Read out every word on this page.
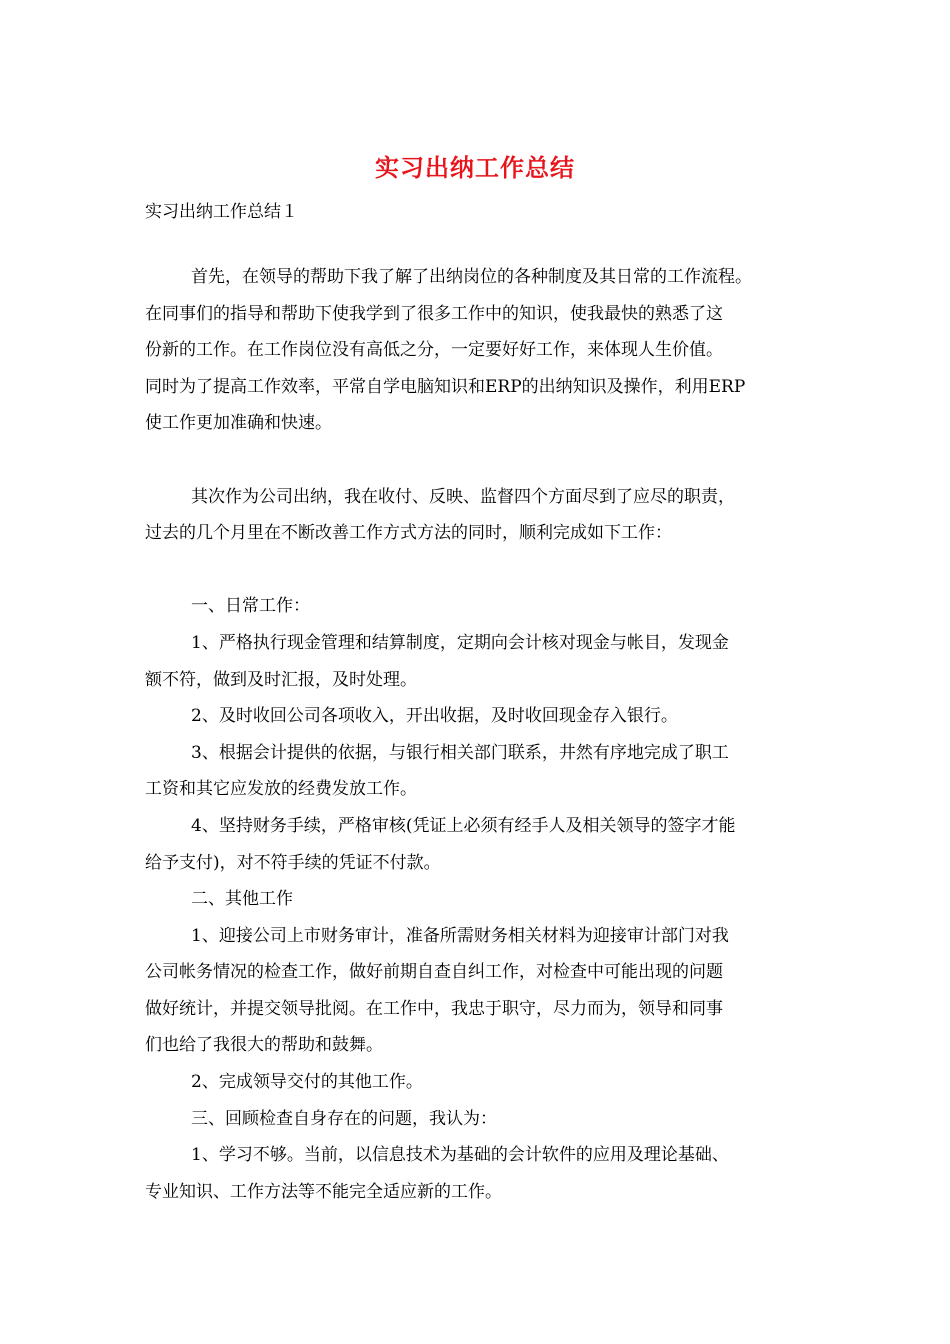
实习出纳工作总结
实习出纳工作总结１
首先，在领导的帮助下我了解了出纳岗位的各种制度及其日常的工作流程。
在同事们的指导和帮助下使我学到了很多工作中的知识，使我最快的熟悉了这
份新的工作。在工作岗位没有高低之分，一定要好好工作，来体现人生价值。
同时为了提高工作效率，平常自学电脑知识和ERP的出纳知识及操作，利用ERP
使工作更加准确和快速。
其次作为公司出纳，我在收付、反映、监督四个方面尽到了应尽的职责，
过去的几个月里在不断改善工作方式方法的同时，顺利完成如下工作：
一、日常工作：
1、严格执行现金管理和结算制度，定期向会计核对现金与帐目，发现金
额不符，做到及时汇报，及时处理。
2、及时收回公司各项收入，开出收据，及时收回现金存入银行。
3、根据会计提供的依据，与银行相关部门联系，井然有序地完成了职工
工资和其它应发放的经费发放工作。
4、坚持财务手续，严格审核(凭证上必须有经手人及相关领导的签字才能
给予支付)，对不符手续的凭证不付款。
二、其他工作
1、迎接公司上市财务审计，准备所需财务相关材料为迎接审计部门对我
公司帐务情况的检查工作，做好前期自查自纠工作，对检查中可能出现的问题
做好统计，并提交领导批阅。在工作中，我忠于职守，尽力而为，领导和同事
们也给了我很大的帮助和鼓舞。
2、完成领导交付的其他工作。
三、回顾检查自身存在的问题，我认为：
1、学习不够。当前，以信息技术为基础的会计软件的应用及理论基础、
专业知识、工作方法等不能完全适应新的工作。
